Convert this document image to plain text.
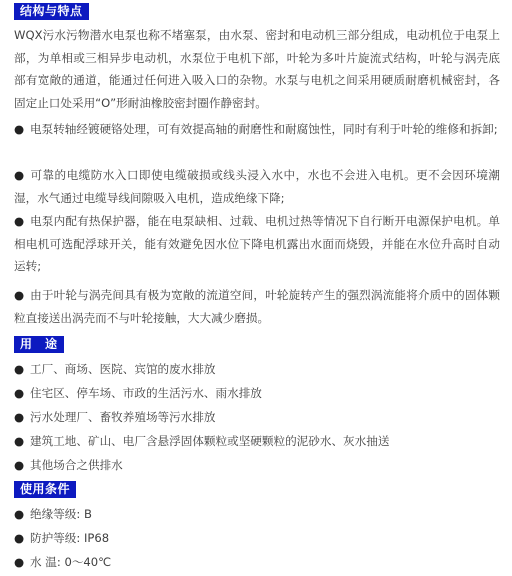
结构与特点

WQX污水污物潜水电泵也称不堵塞泵，由水泵、密封和电动机三部分组成，电动机位于电泵上部，为单相或三相异步电动机，水泵位于电机下部，叶轮为多叶片旋流式结构，叶轮与涡壳底部有宽敞的通道，能通过任何进入吸入口的杂物。水泵与电机之间采用硬质耐磨机械密封，各固定止口处采用“O”形耐油橡胶密封圈作静密封。

● 电泵转轴经镀硬铬处理，可有效提高轴的耐磨性和耐腐蚀性，同时有利于叶轮的维修和拆卸;

● 可靠的电缆防水入口即使电缆破损或线头浸入水中，水也不会进入电机。更不会因环境潮湿，水气通过电缆导线间隙吸入电机，造成绝缘下降;

● 电泵内配有热保护器，能在电泵缺相、过载、电机过热等情况下自行断开电源保护电机。单相电机可选配浮球开关，能有效避免因水位下降电机露出水面而烧毁，并能在水位升高时自动运转;

● 由于叶轮与涡壳间具有极为宽敞的流道空间，叶轮旋转产生的强烈涡流能将介质中的固体颗粒直接送出涡壳而不与叶轮接触，大大减少磨损。

用　途
● 工厂、商场、医院、宾馆的废水排放
● 住宅区、停车场、市政的生活污水、雨水排放
● 污水处理厂、畜牧养殖场等污水排放
● 建筑工地、矿山、电厂含悬浮固体颗粒或坚硬颗粒的泥砂水、灰水抽送
● 其他场合之供排水
使用条件
● 绝缘等级: B
● 防护等级: IP68
● 水 温: 0～40℃
